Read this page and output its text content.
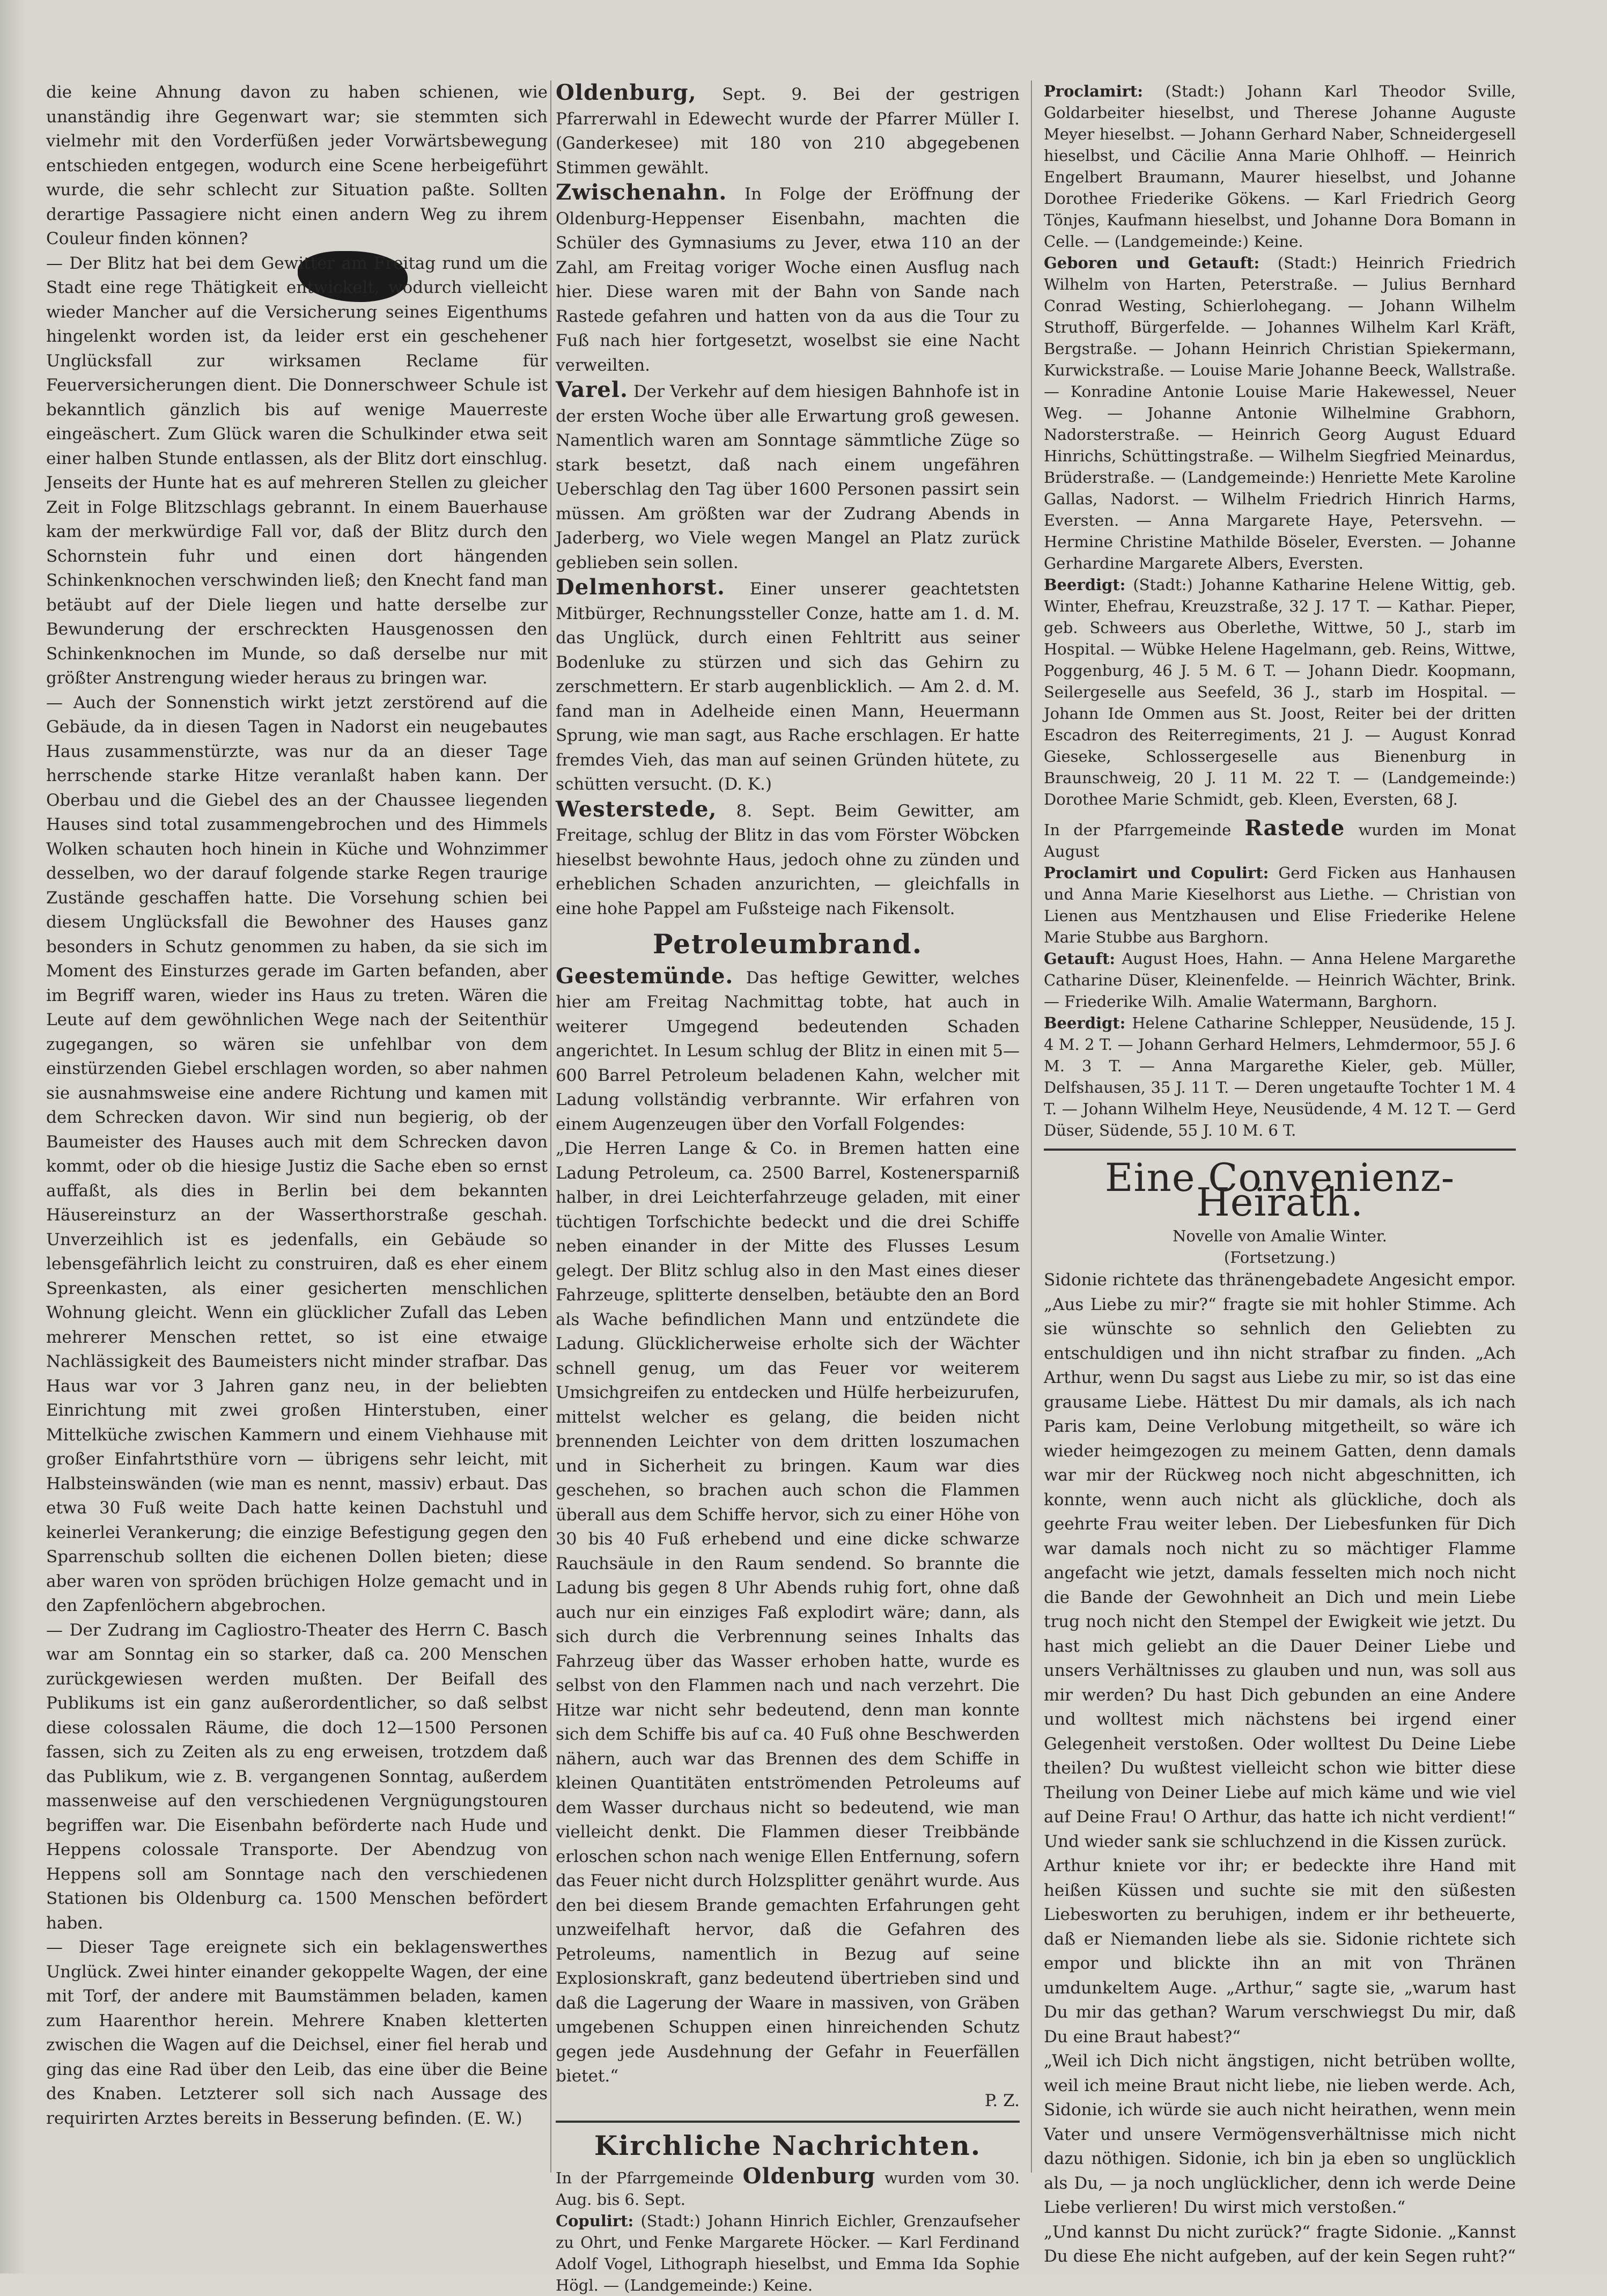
die keine Ahnung davon zu haben schienen, wie unanständig ihre Gegenwart war; sie stemmten sich vielmehr mit den Vorderfüßen jeder Vorwärtsbewegung entschieden entgegen, wodurch eine Scene herbeigeführt wurde, die sehr schlecht zur Situation paßte. Sollten derartige Passagiere nicht einen andern Weg zu ihrem Couleur finden können?

— Der Blitz hat bei dem Gewitter am Freitag rund um die Stadt eine rege Thätigkeit entwickelt, wodurch vielleicht wieder Mancher auf die Versicherung seines Eigenthums hingelenkt worden ist, da leider erst ein geschehener Unglücksfall zur wirksamen Reclame für Feuerversicherungen dient. Die Donnerschweer Schule ist bekanntlich gänzlich bis auf wenige Mauerreste eingeäschert. Zum Glück waren die Schulkinder etwa seit einer halben Stunde entlassen, als der Blitz dort einschlug. Jenseits der Hunte hat es auf mehreren Stellen zu gleicher Zeit in Folge Blitzschlags gebrannt. In einem Bauerhause kam der merkwürdige Fall vor, daß der Blitz durch den Schornstein fuhr und einen dort hängenden Schinkenknochen verschwinden ließ; den Knecht fand man betäubt auf der Diele liegen und hatte derselbe zur Bewunderung der erschreckten Hausgenossen den Schinkenknochen im Munde, so daß derselbe nur mit größter Anstrengung wieder heraus zu bringen war.

— Auch der Sonnenstich wirkt jetzt zerstörend auf die Gebäude, da in diesen Tagen in Nadorst ein neugebautes Haus zusammenstürzte, was nur da an dieser Tage herrschende starke Hitze veranlaßt haben kann. Der Oberbau und die Giebel des an der Chaussee liegenden Hauses sind total zusammengebrochen und des Himmels Wolken schauten hoch hinein in Küche und Wohnzimmer desselben, wo der darauf folgende starke Regen traurige Zustände geschaffen hatte. Die Vorsehung schien bei diesem Unglücksfall die Bewohner des Hauses ganz besonders in Schutz genommen zu haben, da sie sich im Moment des Einsturzes gerade im Garten befanden, aber im Begriff waren, wieder ins Haus zu treten. Wären die Leute auf dem gewöhnlichen Wege nach der Seitenthür zugegangen, so wären sie unfehlbar von dem einstürzenden Giebel erschlagen worden, so aber nahmen sie ausnahmsweise eine andere Richtung und kamen mit dem Schrecken davon. Wir sind nun begierig, ob der Baumeister des Hauses auch mit dem Schrecken davon kommt, oder ob die hiesige Justiz die Sache eben so ernst auffaßt, als dies in Berlin bei dem bekannten Häusereinsturz an der Wasserthorstraße geschah. Unverzeihlich ist es jedenfalls, ein Gebäude so lebensgefährlich leicht zu construiren, daß es eher einem Spreenkasten, als einer gesicherten menschlichen Wohnung gleicht. Wenn ein glücklicher Zufall das Leben mehrerer Menschen rettet, so ist eine etwaige Nachlässigkeit des Baumeisters nicht minder strafbar. Das Haus war vor 3 Jahren ganz neu, in der beliebten Einrichtung mit zwei großen Hinterstuben, einer Mittelküche zwischen Kammern und einem Viehhause mit großer Einfahrtsthüre vorn — übrigens sehr leicht, mit Halbsteinswänden (wie man es nennt, massiv) erbaut. Das etwa 30 Fuß weite Dach hatte keinen Dachstuhl und keinerlei Verankerung; die einzige Befestigung gegen den Sparrenschub sollten die eichenen Dollen bieten; diese aber waren von spröden brüchigen Holze gemacht und in den Zapfenlöchern abgebrochen.

— Der Zudrang im Cagliostro-Theater des Herrn C. Basch war am Sonntag ein so starker, daß ca. 200 Menschen zurückgewiesen werden mußten. Der Beifall des Publikums ist ein ganz außerordentlicher, so daß selbst diese colossalen Räume, die doch 12—1500 Personen fassen, sich zu Zeiten als zu eng erweisen, trotzdem daß das Publikum, wie z. B. vergangenen Sonntag, außerdem massenweise auf den verschiedenen Vergnügungstouren begriffen war. Die Eisenbahn beförderte nach Hude und Heppens colossale Transporte. Der Abendzug von Heppens soll am Sonntage nach den verschiedenen Stationen bis Oldenburg ca. 1500 Menschen befördert haben.

— Dieser Tage ereignete sich ein beklagenswerthes Unglück. Zwei hinter einander gekoppelte Wagen, der eine mit Torf, der andere mit Baumstämmen beladen, kamen zum Haarenthor herein. Mehrere Knaben kletterten zwischen die Wagen auf die Deichsel, einer fiel herab und ging das eine Rad über den Leib, das eine über die Beine des Knaben. Letzterer soll sich nach Aussage des requirirten Arztes bereits in Besserung befinden. (E. W.)

Oldenburg, Sept. 9. Bei der gestrigen Pfarrerwahl in Edewecht wurde der Pfarrer Müller I. (Ganderkesee) mit 180 von 210 abgegebenen Stimmen gewählt.

Zwischenahn. In Folge der Eröffnung der Oldenburg-Heppenser Eisenbahn, machten die Schüler des Gymnasiums zu Jever, etwa 110 an der Zahl, am Freitag voriger Woche einen Ausflug nach hier. Diese waren mit der Bahn von Sande nach Rastede gefahren und hatten von da aus die Tour zu Fuß nach hier fortgesetzt, woselbst sie eine Nacht verweilten.

Varel. Der Verkehr auf dem hiesigen Bahnhofe ist in der ersten Woche über alle Erwartung groß gewesen. Namentlich waren am Sonntage sämmtliche Züge so stark besetzt, daß nach einem ungefähren Ueberschlag den Tag über 1600 Personen passirt sein müssen. Am größten war der Zudrang Abends in Jaderberg, wo Viele wegen Mangel an Platz zurück geblieben sein sollen.

Delmenhorst. Einer unserer geachtetsten Mitbürger, Rechnungssteller Conze, hatte am 1. d. M. das Unglück, durch einen Fehltritt aus seiner Bodenluke zu stürzen und sich das Gehirn zu zerschmettern. Er starb augenblicklich. — Am 2. d. M. fand man in Adelheide einen Mann, Heuermann Sprung, wie man sagt, aus Rache erschlagen. Er hatte fremdes Vieh, das man auf seinen Gründen hütete, zu schütten versucht. (D. K.)

Westerstede, 8. Sept. Beim Gewitter, am Freitage, schlug der Blitz in das vom Förster Wöbcken hieselbst bewohnte Haus, jedoch ohne zu zünden und erheblichen Schaden anzurichten, — gleichfalls in eine hohe Pappel am Fußsteige nach Fikensolt.

Petroleumbrand.

Geestemünde. Das heftige Gewitter, welches hier am Freitag Nachmittag tobte, hat auch in weiterer Umgegend bedeutenden Schaden angerichtet. In Lesum schlug der Blitz in einen mit 5—600 Barrel Petroleum beladenen Kahn, welcher mit Ladung vollständig verbrannte. Wir erfahren von einem Augenzeugen über den Vorfall Folgendes:

„Die Herren Lange & Co. in Bremen hatten eine Ladung Petroleum, ca. 2500 Barrel, Kostenersparniß halber, in drei Leichterfahrzeuge geladen, mit einer tüchtigen Torfschichte bedeckt und die drei Schiffe neben einander in der Mitte des Flusses Lesum gelegt. Der Blitz schlug also in den Mast eines dieser Fahrzeuge, splitterte denselben, betäubte den an Bord als Wache befindlichen Mann und entzündete die Ladung. Glücklicherweise erholte sich der Wächter schnell genug, um das Feuer vor weiterem Umsichgreifen zu entdecken und Hülfe herbeizurufen, mittelst welcher es gelang, die beiden nicht brennenden Leichter von dem dritten loszumachen und in Sicherheit zu bringen. Kaum war dies geschehen, so brachen auch schon die Flammen überall aus dem Schiffe hervor, sich zu einer Höhe von 30 bis 40 Fuß erhebend und eine dicke schwarze Rauchsäule in den Raum sendend. So brannte die Ladung bis gegen 8 Uhr Abends ruhig fort, ohne daß auch nur ein einziges Faß explodirt wäre; dann, als sich durch die Verbrennung seines Inhalts das Fahrzeug über das Wasser erhoben hatte, wurde es selbst von den Flammen nach und nach verzehrt. Die Hitze war nicht sehr bedeutend, denn man konnte sich dem Schiffe bis auf ca. 40 Fuß ohne Beschwerden nähern, auch war das Brennen des dem Schiffe in kleinen Quantitäten entströmenden Petroleums auf dem Wasser durchaus nicht so bedeutend, wie man vielleicht denkt. Die Flammen dieser Treibbände erloschen schon nach wenige Ellen Entfernung, sofern das Feuer nicht durch Holzsplitter genährt wurde. Aus den bei diesem Brande gemachten Erfahrungen geht unzweifelhaft hervor, daß die Gefahren des Petroleums, namentlich in Bezug auf seine Explosionskraft, ganz bedeutend übertrieben sind und daß die Lagerung der Waare in massiven, von Gräben umgebenen Schuppen einen hinreichenden Schutz gegen jede Ausdehnung der Gefahr in Feuerfällen bietet.“

P. Z.

Kirchliche Nachrichten.

In der Pfarrgemeinde Oldenburg wurden vom 30. Aug. bis 6. Sept.

Copulirt: (Stadt:) Johann Hinrich Eichler, Grenzaufseher zu Ohrt, und Fenke Margarete Höcker. — Karl Ferdinand Adolf Vogel, Lithograph hieselbst, und Emma Ida Sophie Högl. — (Landgemeinde:) Keine.

Proclamirt: (Stadt:) Johann Karl Theodor Sville, Goldarbeiter hieselbst, und Therese Johanne Auguste Meyer hieselbst. — Johann Gerhard Naber, Schneidergesell hieselbst, und Cäcilie Anna Marie Ohlhoff. — Heinrich Engelbert Braumann, Maurer hieselbst, und Johanne Dorothee Friederike Gökens. — Karl Friedrich Georg Tönjes, Kaufmann hieselbst, und Johanne Dora Bomann in Celle. — (Landgemeinde:) Keine.

Geboren und Getauft: (Stadt:) Heinrich Friedrich Wilhelm von Harten, Peterstraße. — Julius Bernhard Conrad Westing, Schierlohegang. — Johann Wilhelm Struthoff, Bürgerfelde. — Johannes Wilhelm Karl Kräft, Bergstraße. — Johann Heinrich Christian Spiekermann, Kurwickstraße. — Louise Marie Johanne Beeck, Wallstraße. — Konradine Antonie Louise Marie Hakewessel, Neuer Weg. — Johanne Antonie Wilhelmine Grabhorn, Nadorsterstraße. — Heinrich Georg August Eduard Hinrichs, Schüttingstraße. — Wilhelm Siegfried Meinardus, Brüderstraße. — (Landgemeinde:) Henriette Mete Karoline Gallas, Nadorst. — Wilhelm Friedrich Hinrich Harms, Eversten. — Anna Margarete Haye, Petersvehn. — Hermine Christine Mathilde Böseler, Eversten. — Johanne Gerhardine Margarete Albers, Eversten.

Beerdigt: (Stadt:) Johanne Katharine Helene Wittig, geb. Winter, Ehefrau, Kreuzstraße, 32 J. 17 T. — Kathar. Pieper, geb. Schweers aus Oberlethe, Wittwe, 50 J., starb im Hospital. — Wübke Helene Hagelmann, geb. Reins, Wittwe, Poggenburg, 46 J. 5 M. 6 T. — Johann Diedr. Koopmann, Seilergeselle aus Seefeld, 36 J., starb im Hospital. — Johann Ide Ommen aus St. Joost, Reiter bei der dritten Escadron des Reiterregiments, 21 J. — August Konrad Gieseke, Schlossergeselle aus Bienenburg in Braunschweig, 20 J. 11 M. 22 T. — (Landgemeinde:) Dorothee Marie Schmidt, geb. Kleen, Eversten, 68 J.

In der Pfarrgemeinde Rastede wurden im Monat August

Proclamirt und Copulirt: Gerd Ficken aus Hanhausen und Anna Marie Kieselhorst aus Liethe. — Christian von Lienen aus Mentzhausen und Elise Friederike Helene Marie Stubbe aus Barghorn.

Getauft: August Hoes, Hahn. — Anna Helene Margarethe Catharine Düser, Kleinenfelde. — Heinrich Wächter, Brink. — Friederike Wilh. Amalie Watermann, Barghorn.

Beerdigt: Helene Catharine Schlepper, Neusüdende, 15 J. 4 M. 2 T. — Johann Gerhard Helmers, Lehmdermoor, 55 J. 6 M. 3 T. — Anna Margarethe Kieler, geb. Müller, Delfshausen, 35 J. 11 T. — Deren ungetaufte Tochter 1 M. 4 T. — Johann Wilhelm Heye, Neusüdende, 4 M. 12 T. — Gerd Düser, Südende, 55 J. 10 M. 6 T.

Eine Convenienz-Heirath.

Novelle von Amalie Winter.

(Fortsetzung.)

Sidonie richtete das thränengebadete Angesicht empor. „Aus Liebe zu mir?“ fragte sie mit hohler Stimme. Ach sie wünschte so sehnlich den Geliebten zu entschuldigen und ihn nicht strafbar zu finden. „Ach Arthur, wenn Du sagst aus Liebe zu mir, so ist das eine grausame Liebe. Hättest Du mir damals, als ich nach Paris kam, Deine Verlobung mitgetheilt, so wäre ich wieder heimgezogen zu meinem Gatten, denn damals war mir der Rückweg noch nicht abgeschnitten, ich konnte, wenn auch nicht als glückliche, doch als geehrte Frau weiter leben. Der Liebesfunken für Dich war damals noch nicht zu so mächtiger Flamme angefacht wie jetzt, damals fesselten mich noch nicht die Bande der Gewohnheit an Dich und mein Liebe trug noch nicht den Stempel der Ewigkeit wie jetzt. Du hast mich geliebt an die Dauer Deiner Liebe und unsers Verhältnisses zu glauben und nun, was soll aus mir werden? Du hast Dich gebunden an eine Andere und wolltest mich nächstens bei irgend einer Gelegenheit verstoßen. Oder wolltest Du Deine Liebe theilen? Du wußtest vielleicht schon wie bitter diese Theilung von Deiner Liebe auf mich käme und wie viel auf Deine Frau! O Arthur, das hatte ich nicht verdient!“ Und wieder sank sie schluchzend in die Kissen zurück.

Arthur kniete vor ihr; er bedeckte ihre Hand mit heißen Küssen und suchte sie mit den süßesten Liebesworten zu beruhigen, indem er ihr betheuerte, daß er Niemanden liebe als sie. Sidonie richtete sich empor und blickte ihn an mit von Thränen umdunkeltem Auge. „Arthur,“ sagte sie, „warum hast Du mir das gethan? Warum verschwiegst Du mir, daß Du eine Braut habest?“

„Weil ich Dich nicht ängstigen, nicht betrüben wollte, weil ich meine Braut nicht liebe, nie lieben werde. Ach, Sidonie, ich würde sie auch nicht heirathen, wenn mein Vater und unsere Vermögensverhältnisse mich nicht dazu nöthigen. Sidonie, ich bin ja eben so unglücklich als Du, — ja noch unglücklicher, denn ich werde Deine Liebe verlieren! Du wirst mich verstoßen.“

„Und kannst Du nicht zurück?“ fragte Sidonie. „Kannst Du diese Ehe nicht aufgeben, auf der kein Segen ruht?“
